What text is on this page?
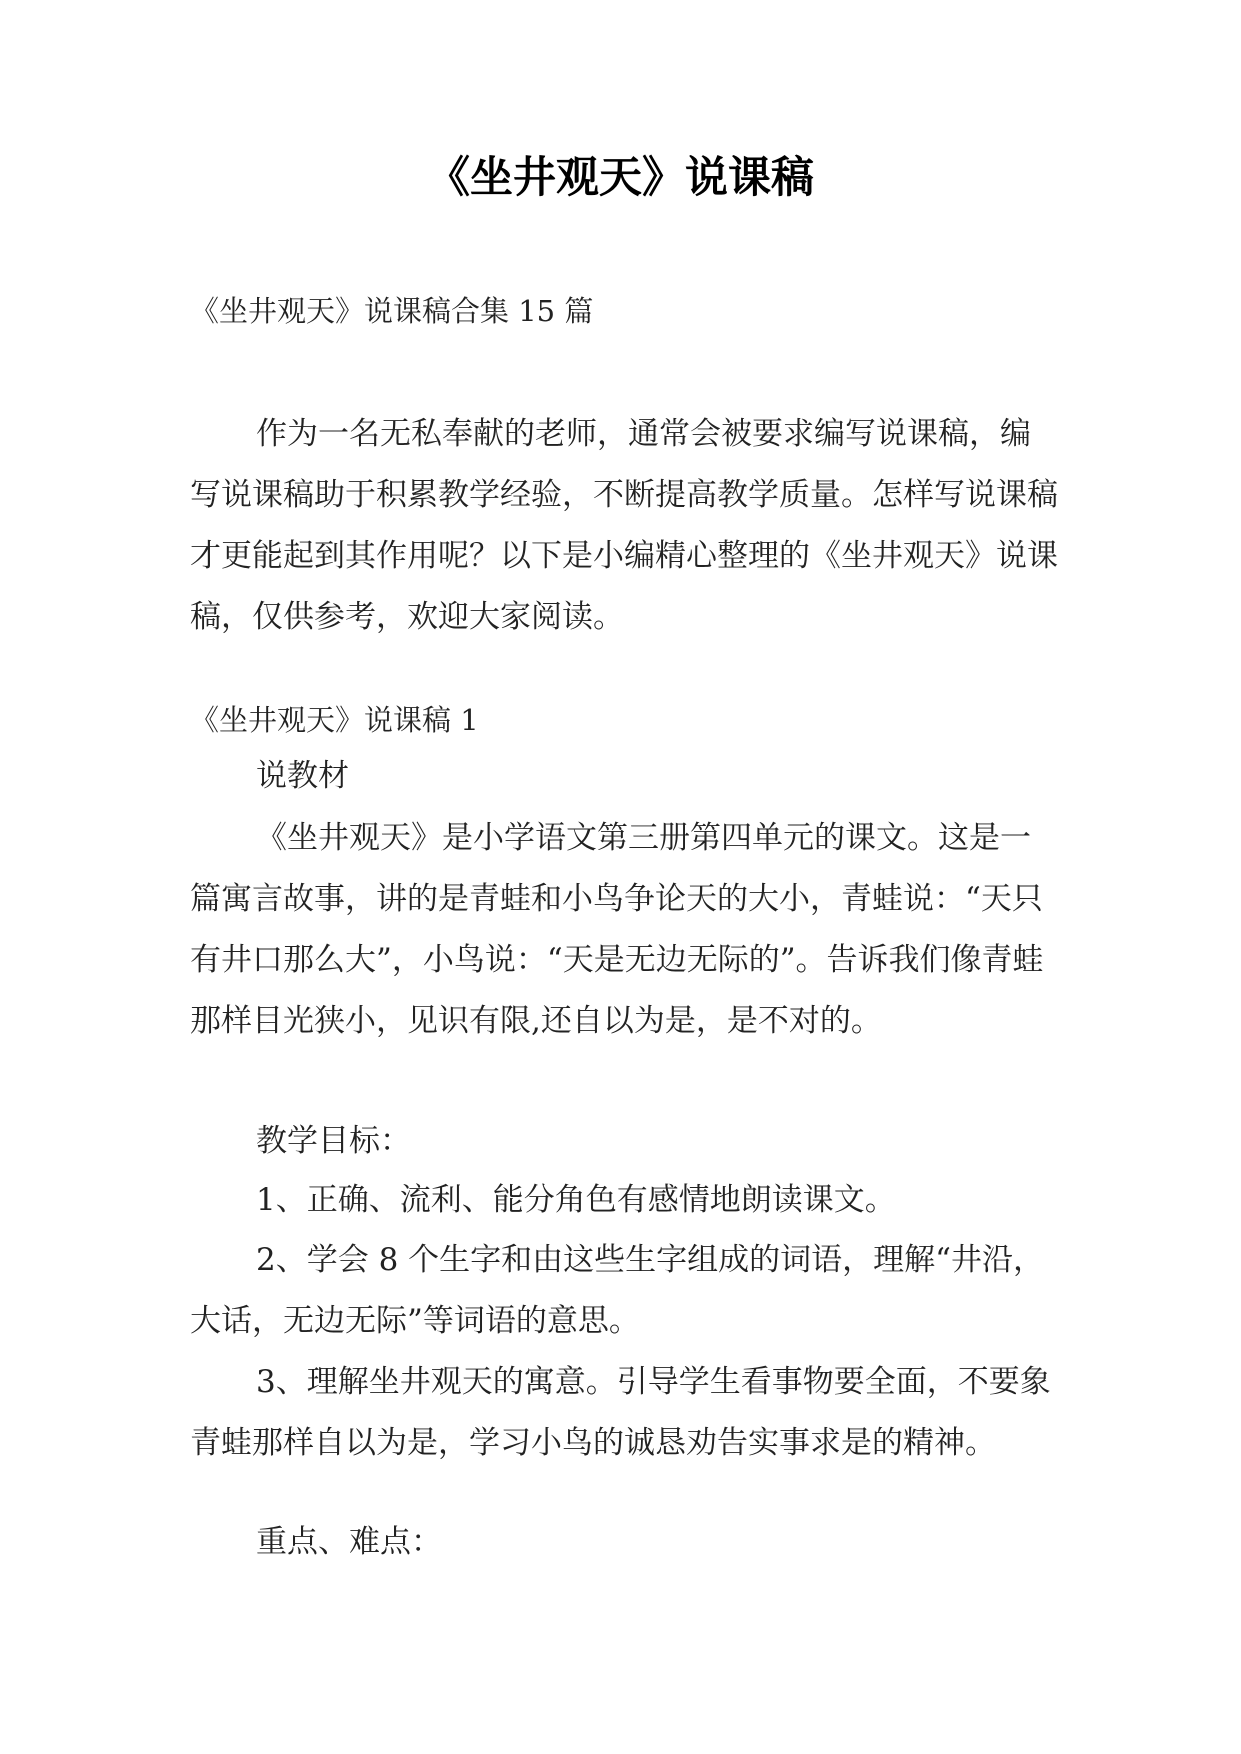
《坐井观天》说课稿
《坐井观天》说课稿合集 15 篇

作为一名无私奉献的老师，通常会被要求编写说课稿，编写说课稿助于积累教学经验，不断提高教学质量。怎样写说课稿才更能起到其作用呢？以下是小编精心整理的《坐井观天》说课稿，仅供参考，欢迎大家阅读。

《坐井观天》说课稿 1
说教材

《坐井观天》是小学语文第三册第四单元的课文。这是一篇寓言故事，讲的是青蛙和小鸟争论天的大小，青蛙说：“天只有井口那么大”，小鸟说：“天是无边无际的”。告诉我们像青蛙那样目光狭小，见识有限,还自以为是，是不对的。

教学目标：

1、正确、流利、能分角色有感情地朗读课文。

2、学会 8 个生字和由这些生字组成的词语，理解“井沿，大话，无边无际”等词语的意思。

3、理解坐井观天的寓意。引导学生看事物要全面，不要象青蛙那样自以为是，学习小鸟的诚恳劝告实事求是的精神。

重点、难点：
